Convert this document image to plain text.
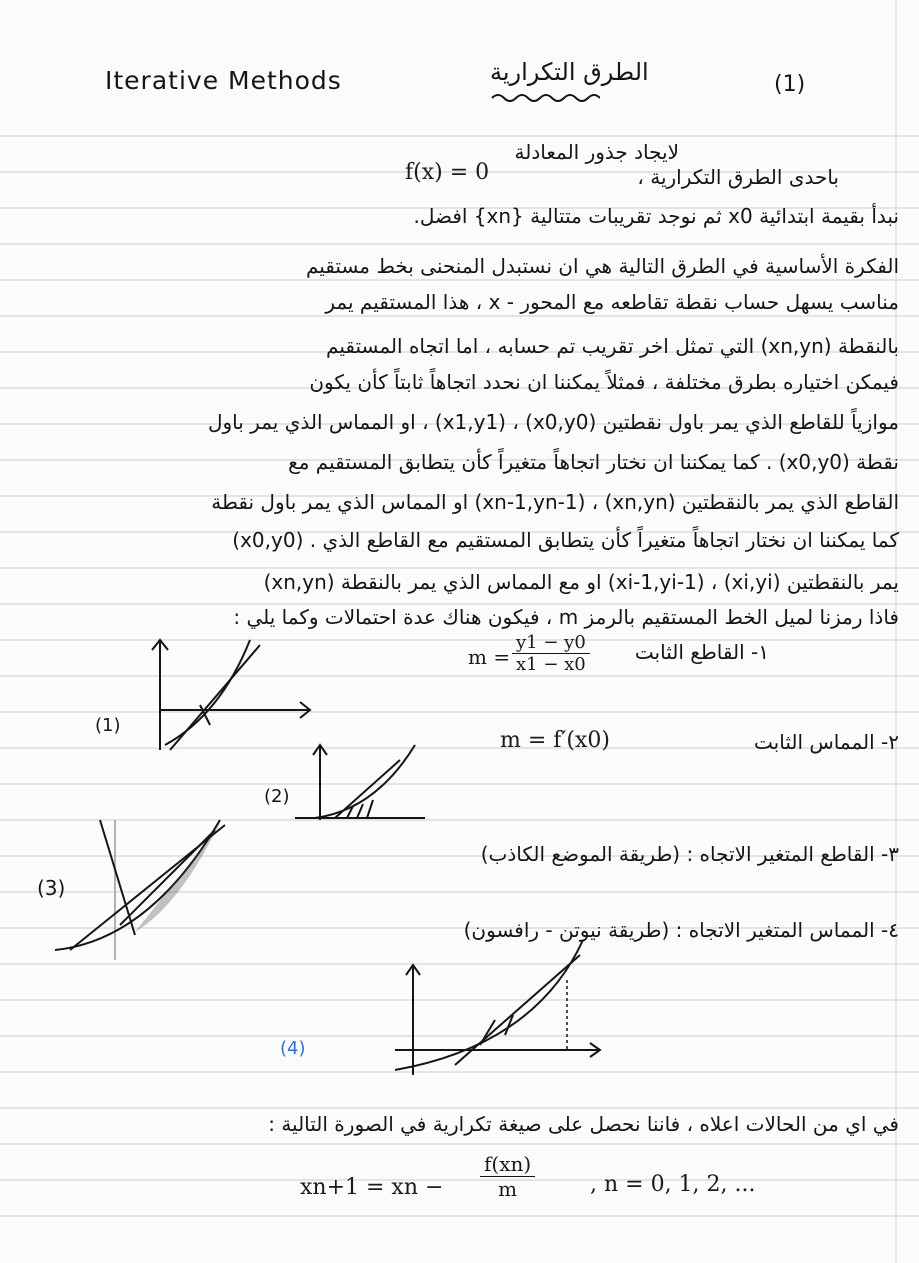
Iterative Methods	الطرق التكرارية	(1)
لايجاد جذور المعادلة
f(x) = 0	باحدى الطرق التكرارية ،
نبدأ بقيمة ابتدائية x0 ثم نوجد تقريبات متتالية {xn} افضل.
الفكرة الأساسية في الطرق التالية هي ان نستبدل المنحنى بخط مستقيم
مناسب يسهل حساب نقطة تقاطعه مع المحور - x ، هذا المستقيم يمر
بالنقطة (xn,yn) التي تمثل اخر تقريب تم حسابه ، اما اتجاه المستقيم
فيمكن اختياره بطرق مختلفة ، فمثلاً يمكننا ان نحدد اتجاهاً ثابتاً كأن يكون
موازياً للقاطع الذي يمر باول نقطتين (x0,y0) ، (x1,y1) ، او المماس الذي يمر باول
نقطة (x0,y0) . كما يمكننا ان نختار اتجاهاً متغيراً كأن يتطابق المستقيم مع
القاطع الذي يمر بالنقطتين (xn,yn) ، (xn-1,yn-1) او المماس الذي يمر باول نقطة
(x0,y0) . كما يمكننا ان نختار اتجاهاً متغيراً كأن يتطابق المستقيم مع القاطع الذي
يمر بالنقطتين (xi,yi) ، (xi-1,yi-1) او مع المماس الذي يمر بالنقطة (xn,yn)
فاذا رمزنا لميل الخط المستقيم بالرمز m ، فيكون هناك عدة احتمالات وكما يلي :
١- القاطع الثابت
$m = \frac{y1 - y0}{x1 - x0}$
(1)
٢- المماس الثابت
m = f′(x0)
(2)
٣- القاطع المتغير الاتجاه : (طريقة الموضع الكاذب)
(3)
٤- المماس المتغير الاتجاه : (طريقة نيوتن - رافسون)
(4)
في اي من الحالات اعلاه ، فاننا نحصل على صيغة تكرارية في الصورة التالية :
xn+1 = xn − $\frac{f(xn)}{m}$ , n = 0, 1, 2, ...
